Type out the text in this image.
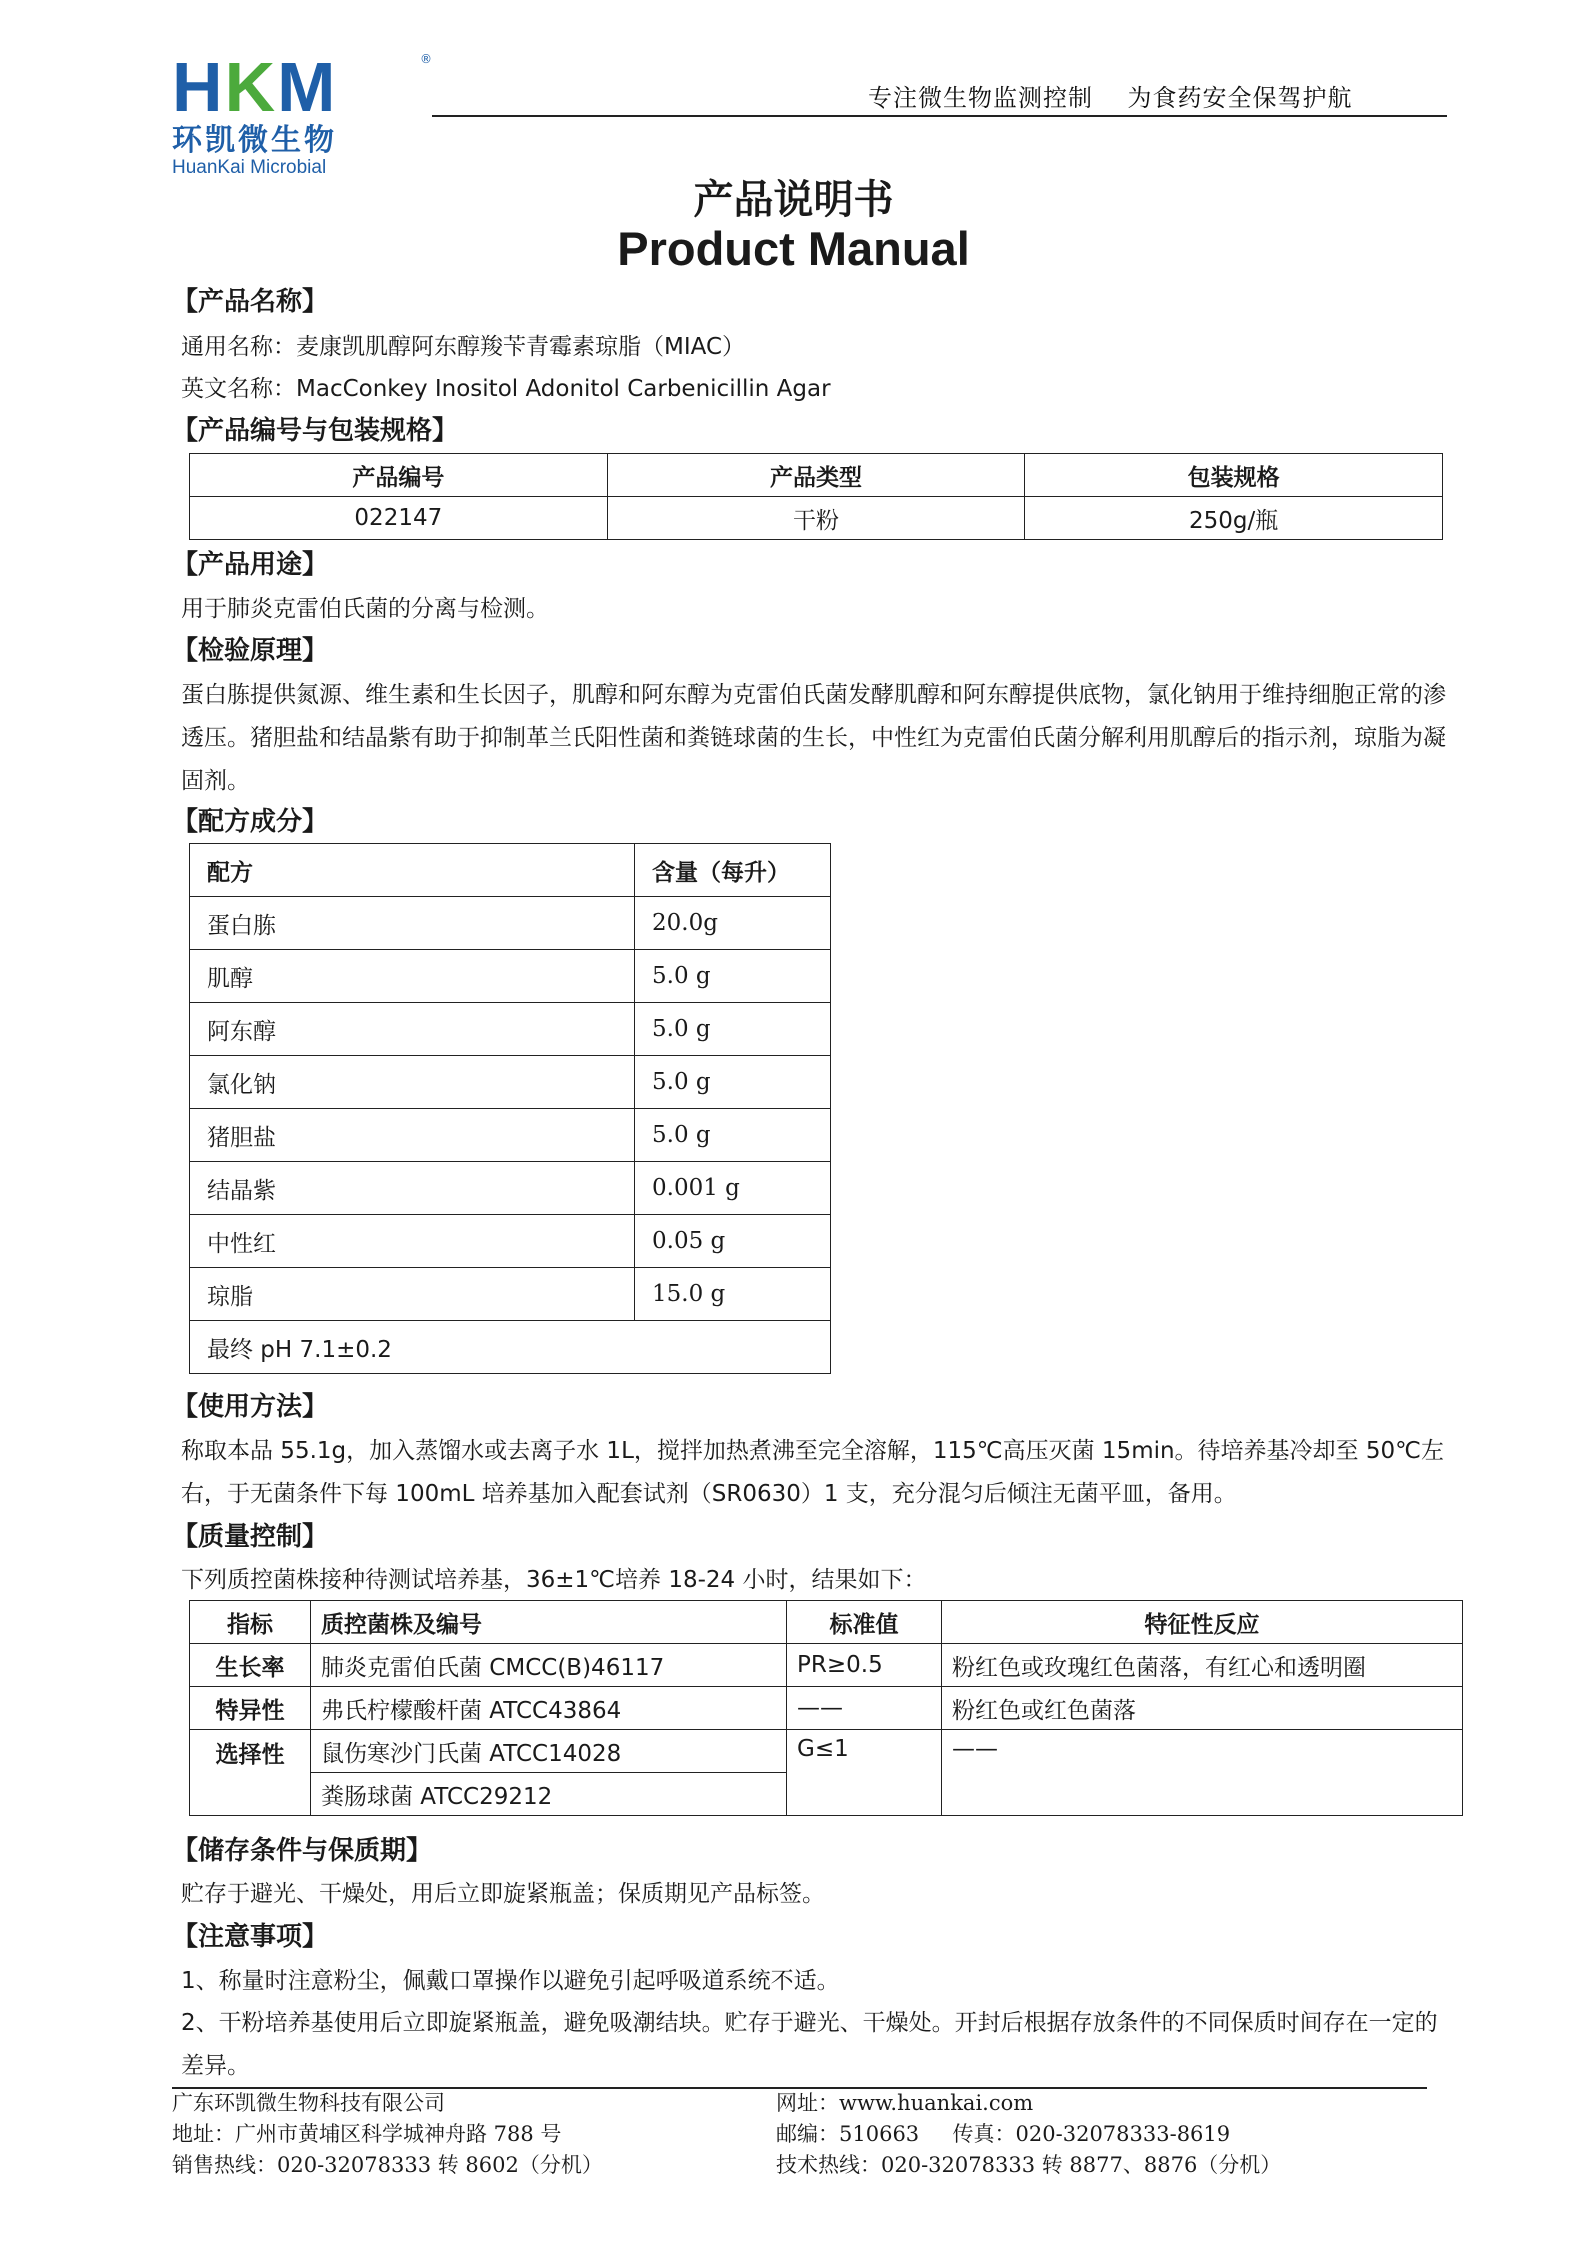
HKM	®
环凯微生物
HuanKai Microbial
专注微生物监测控制    为食药安全保驾护航
产品说明书
Product Manual
【产品名称】
通用名称：麦康凯肌醇阿东醇羧苄青霉素琼脂（MIAC）
英文名称：MacConkey Inositol Adonitol Carbenicillin Agar
【产品编号与包装规格】
产品编号	产品类型	包装规格
022147	干粉	250g/瓶
【产品用途】
用于肺炎克雷伯氏菌的分离与检测。
【检验原理】
蛋白胨提供氮源、维生素和生长因子，肌醇和阿东醇为克雷伯氏菌发酵肌醇和阿东醇提供底物，氯化钠用于维持细胞正常的渗透压。猪胆盐和结晶紫有助于抑制革兰氏阳性菌和粪链球菌的生长，中性红为克雷伯氏菌分解利用肌醇后的指示剂，琼脂为凝固剂。
【配方成分】
配方	含量（每升）
蛋白胨	20.0g
肌醇	5.0 g
阿东醇	5.0 g
氯化钠	5.0 g
猪胆盐	5.0 g
结晶紫	0.001 g
中性红	0.05 g
琼脂	15.0 g
最终 pH 7.1±0.2	
【使用方法】
称取本品 55.1g，加入蒸馏水或去离子水 1L，搅拌加热煮沸至完全溶解，115℃高压灭菌 15min。待培养基冷却至 50℃左右，于无菌条件下每 100mL 培养基加入配套试剂（SR0630）1 支，充分混匀后倾注无菌平皿，备用。
【质量控制】
下列质控菌株接种待测试培养基，36±1℃培养 18-24 小时，结果如下：
指标	质控菌株及编号	标准值	特征性反应
生长率	肺炎克雷伯氏菌 CMCC(B)46117	PR≥0.5	粉红色或玫瑰红色菌落，有红心和透明圈
特异性	弗氏柠檬酸杆菌 ATCC43864	——	粉红色或红色菌落
选择性	鼠伤寒沙门氏菌 ATCC14028	G≤1	——
	粪肠球菌 ATCC29212		
【储存条件与保质期】
贮存于避光、干燥处，用后立即旋紧瓶盖；保质期见产品标签。
【注意事项】
1、称量时注意粉尘，佩戴口罩操作以避免引起呼吸道系统不适。
2、干粉培养基使用后立即旋紧瓶盖，避免吸潮结块。贮存于避光、干燥处。开封后根据存放条件的不同保质时间存在一定的差异。
广东环凯微生物科技有限公司	网址：www.huankai.com
地址：广州市黄埔区科学城神舟路 788 号	邮编：510663     传真：020-32078333-8619
销售热线：020-32078333 转 8602（分机）	技术热线：020-32078333 转 8877、8876（分机）
